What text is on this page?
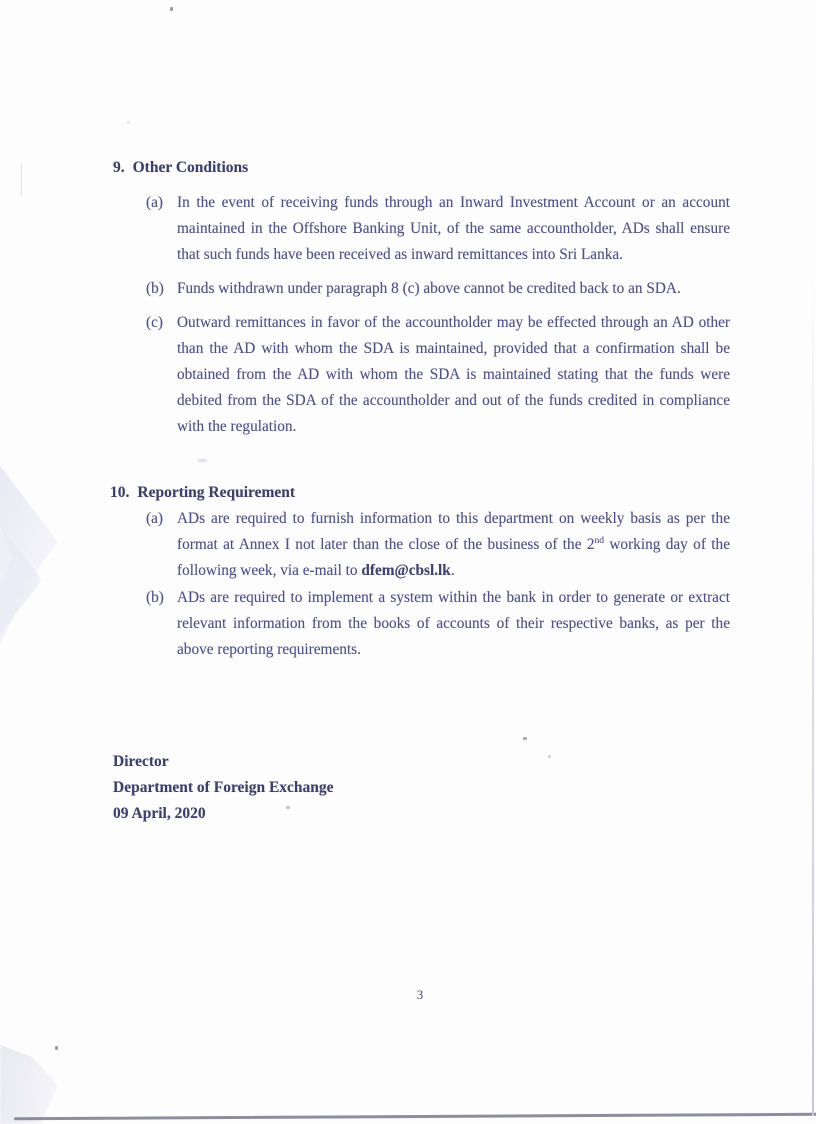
9. Other Conditions
(a) In the event of receiving funds through an Inward Investment Account or an account maintained in the Offshore Banking Unit, of the same accountholder, ADs shall ensure that such funds have been received as inward remittances into Sri Lanka.
(b) Funds withdrawn under paragraph 8 (c) above cannot be credited back to an SDA.
(c) Outward remittances in favor of the accountholder may be effected through an AD other than the AD with whom the SDA is maintained, provided that a confirmation shall be obtained from the AD with whom the SDA is maintained stating that the funds were debited from the SDA of the accountholder and out of the funds credited in compliance with the regulation.
10. Reporting Requirement
(a) ADs are required to furnish information to this department on weekly basis as per the format at Annex I not later than the close of the business of the 2nd working day of the following week, via e-mail to dfem@cbsl.lk.
(b) ADs are required to implement a system within the bank in order to generate or extract relevant information from the books of accounts of their respective banks, as per the above reporting requirements.
Director
Department of Foreign Exchange
09 April, 2020
3
